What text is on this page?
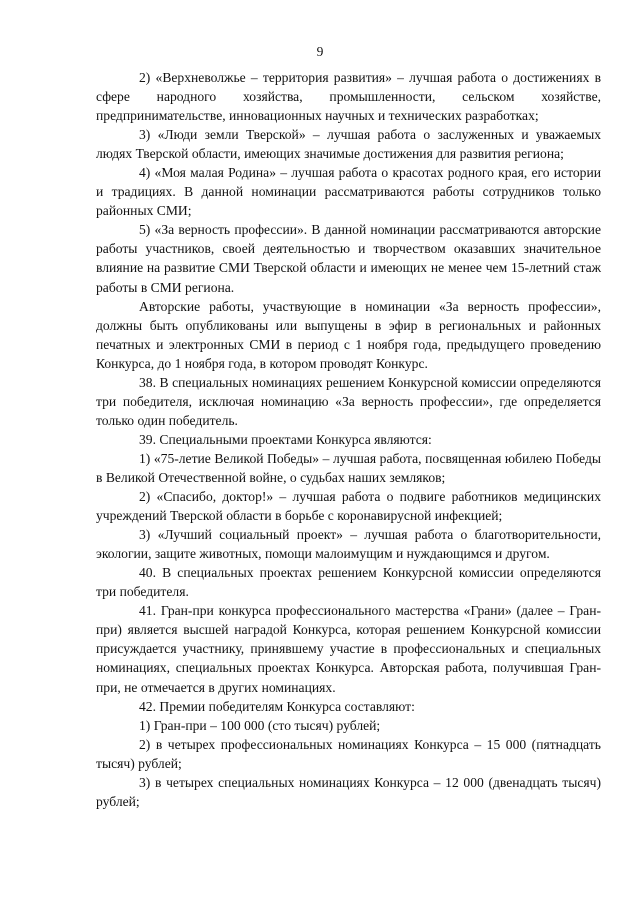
9

2) «Верхневолжье – территория развития» – лучшая работа о достижениях в сфере народного хозяйства, промышленности, сельском хозяйстве, предпринимательстве, инновационных научных и технических разработках;

3) «Люди земли Тверской» – лучшая работа о заслуженных и уважаемых людях Тверской области, имеющих значимые достижения для развития региона;

4) «Моя малая Родина» – лучшая работа о красотах родного края, его истории и традициях. В данной номинации рассматриваются работы сотрудников только районных СМИ;

5) «За верность профессии». В данной номинации рассматриваются авторские работы участников, своей деятельностью и творчеством оказавших значительное влияние на развитие СМИ Тверской области и имеющих не менее чем 15-летний стаж работы в СМИ региона.

Авторские работы, участвующие в номинации «За верность профессии», должны быть опубликованы или выпущены в эфир в региональных и районных печатных и электронных СМИ в период с 1 ноября года, предыдущего проведению Конкурса, до 1 ноября года, в котором проводят Конкурс.

38. В специальных номинациях решением Конкурсной комиссии определяются три победителя, исключая номинацию «За верность профессии», где определяется только один победитель.

39. Специальными проектами Конкурса являются:

1) «75-летие Великой Победы» – лучшая работа, посвященная юбилею Победы в Великой Отечественной войне, о судьбах наших земляков;

2) «Спасибо, доктор!» – лучшая работа о подвиге работников медицинских учреждений Тверской области в борьбе с коронавирусной инфекцией;

3) «Лучший социальный проект» – лучшая работа о благотворительности, экологии, защите животных, помощи малоимущим и нуждающимся и другом.

40. В специальных проектах решением Конкурсной комиссии определяются три победителя.

41. Гран-при конкурса профессионального мастерства «Грани» (далее – Гран-при) является высшей наградой Конкурса, которая решением Конкурсной комиссии присуждается участнику, принявшему участие в профессиональных и специальных номинациях, специальных проектах Конкурса. Авторская работа, получившая Гран-при, не отмечается в других номинациях.

42. Премии победителям Конкурса составляют:

1) Гран-при – 100 000 (сто тысяч) рублей;

2) в четырех профессиональных номинациях Конкурса – 15 000 (пятнадцать тысяч) рублей;

3) в четырех специальных номинациях Конкурса – 12 000 (двенадцать тысяч) рублей;
